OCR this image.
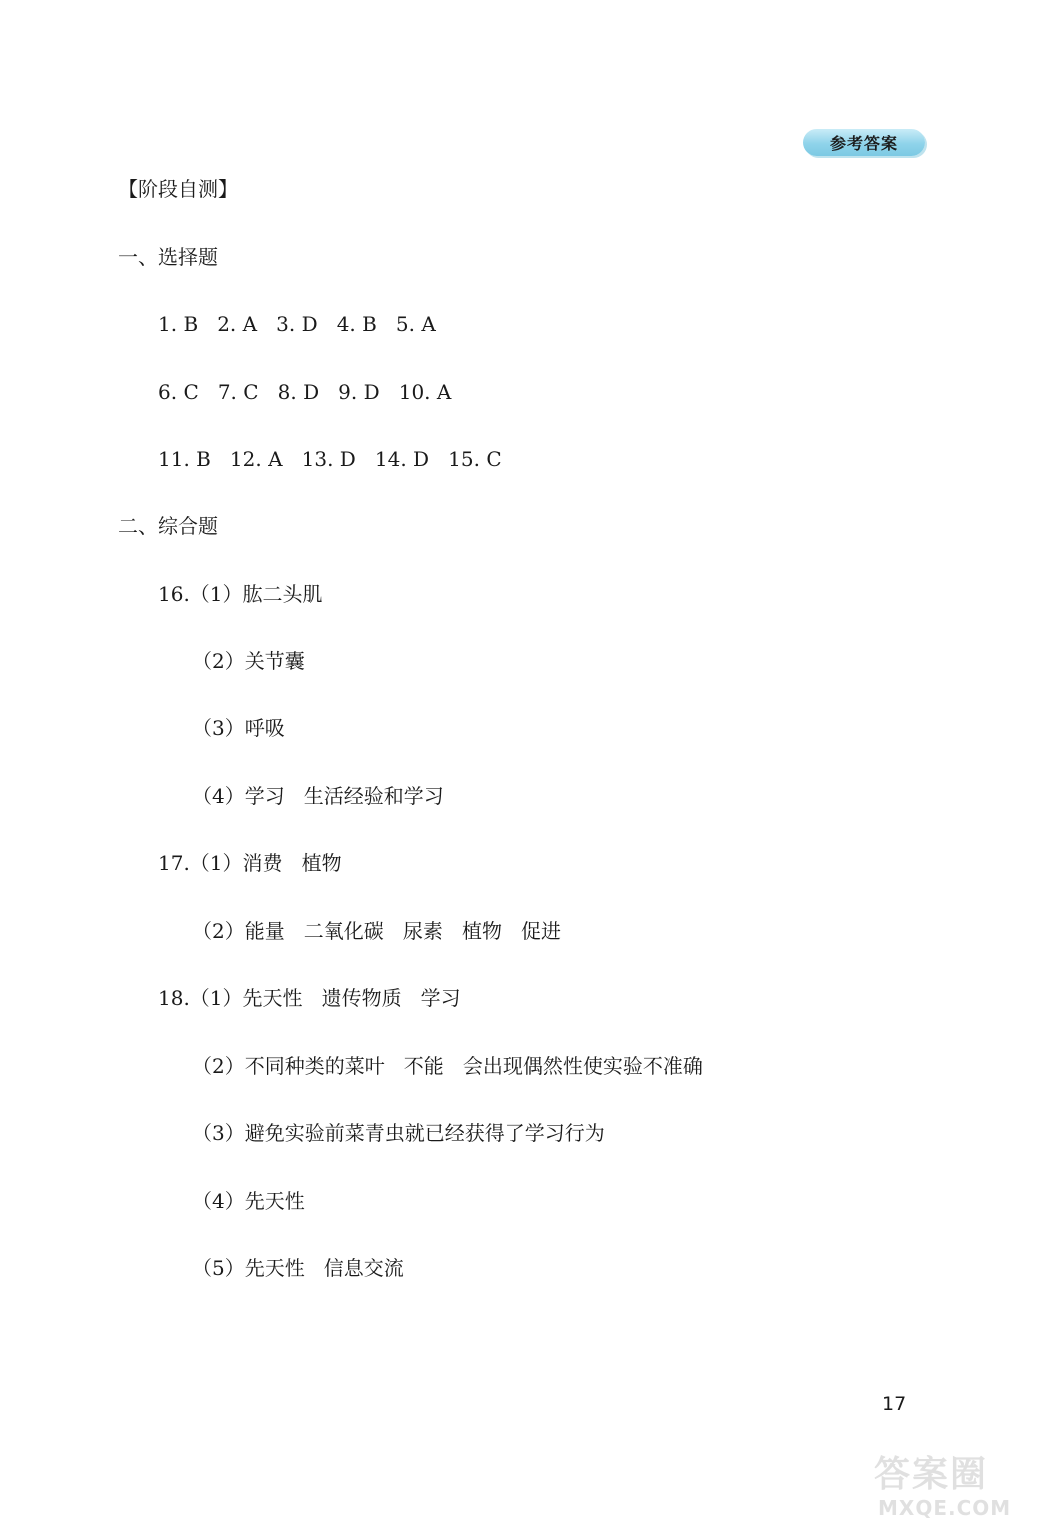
参考答案
【阶段自测】
一、选择题
1. B   2. A   3. D   4. B   5. A
6. C   7. C   8. D   9. D   10. A
11. B   12. A   13. D   14. D   15. C
二、综合题
16.（1）肱二头肌
（2）关节囊
（3）呼吸
（4）学习   生活经验和学习
17.（1）消费   植物
（2）能量   二氧化碳   尿素   植物   促进
18.（1）先天性   遗传物质   学习
（2）不同种类的菜叶   不能   会出现偶然性使实验不准确
（3）避免实验前菜青虫就已经获得了学习行为
（4）先天性
（5）先天性   信息交流
17
答案圈
MXQE.COM
